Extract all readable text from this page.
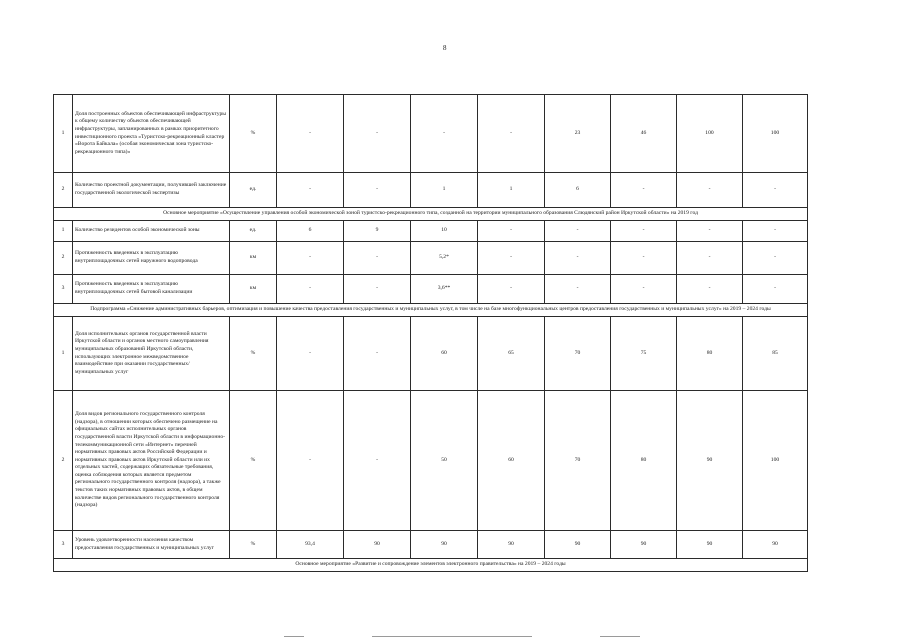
8
1	Доля построенных объектов обеспечивающей инфраструктуры к общему количеству объектов обеспечивающей инфраструктуры, запланированных в рамках приоритетного инвестиционного проекта «Туристско-рекреационный кластер «Ворота Байкала» (особая экономическая зона туристско-рекреационного типа)»	%	-	-	-	-	23	46	100	100
2	Количество проектной документации, получившей заключение государственной экологической экспертизы	ед.	-	-	1	1	6	-	-	-
Основное мероприятие «Осуществление управления особой экономической зоной туристско-рекреационного типа, созданной на территории муниципального образования Слюдянский район Иркутской области» на 2019 год										
1	Количество резидентов особой экономической зоны	ед.	6	9	10	-	-	-	-	-
2	Протяженность введенных в эксплуатацию внутриплощадочных сетей наружного водопровода	км	-	-	5,2*	-	-	-	-	-
3	Протяженность введенных в эксплуатацию внутриплощадочных сетей бытовой канализации	км	-	-	3,6**	-	-	-	-	-
Подпрограмма «Снижение административных барьеров, оптимизация и повышение качества предоставления государственных и муниципальных услуг, в том числе на базе многофункциональных центров предоставления государственных и муниципальных услуг» на 2019 – 2024 годы										
1	Доля исполнительных органов государственной власти Иркутской области и органов местного самоуправления муниципальных образований Иркутской области, использующих электронное межведомственное взаимодействие при оказании государственных/муниципальных услуг	%	-	-	60	65	70	75	80	85
2	Доля видов регионального государственного контроля (надзора), в отношении которых обеспечено размещение на официальных сайтах исполнительных органов государственной власти Иркутской области в информационно-телекоммуникационной сети «Интернет» перечней нормативных правовых актов Российской Федерации и нормативных правовых актов Иркутской области или их отдельных частей, содержащих обязательные требования, оценка соблюдения которых является предметом регионального государственного контроля (надзора), а также текстов таких нормативных правовых актов, в общем количестве видов регионального государственного контроля (надзора)	%	-	-	50	60	70	80	90	100
3	Уровень удовлетворенности населения качеством предоставления государственных и муниципальных услуг	%	93,4	90	90	90	90	90	90	90
Основное мероприятие «Развитие и сопровождение элементов электронного правительства» на 2019 – 2024 годы										
